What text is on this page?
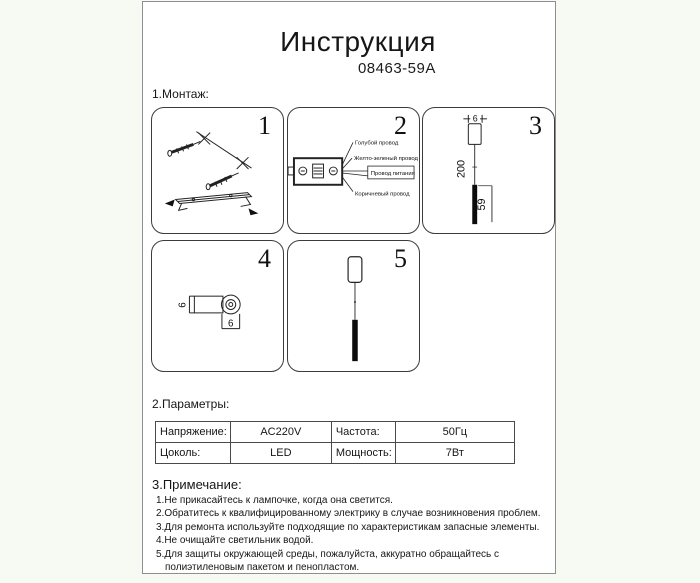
Инструкция
08463-59A
1.Монтаж:
1
Голубой провод
Желто-зеленый провод
Провод питания
Коричневый провод
2	6
200
59
3
6
6
4	5
2.Параметры:
Напряжение:	AC220V	Частота:	50Гц
Цоколь:	LED	Мощность:	7Вт
3.Примечание:
1.Не прикасайтесь к лампочке, когда она светится.
2.Обратитесь к квалифицированному электрику в случае возникновения проблем.
3.Для ремонта используйте подходящие по характеристикам запасные элементы.
4.Не очищайте светильник водой.
5.Для защиты окружающей среды, пожалуйста, аккуратно обращайтесь с полиэтиленовым пакетом и пенопластом.
